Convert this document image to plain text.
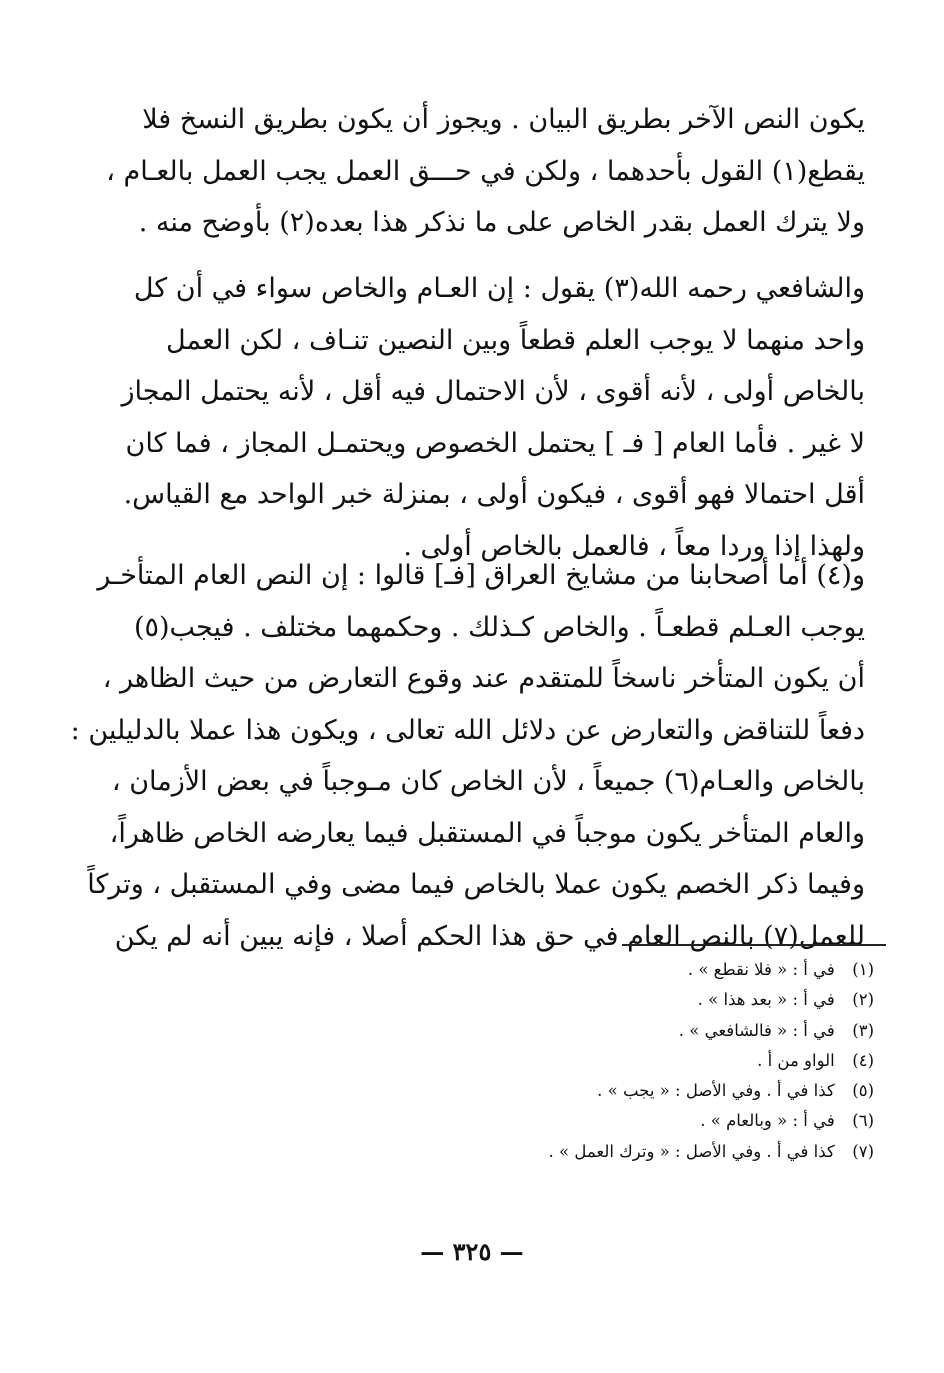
يكون النص الآخر بطريق البيان . ويجوز أن يكون بطريق النسخ فلا
يقطع(١) القول بأحدهما ، ولكن في حـــق العمل يجب العمل بالعـام ،
ولا يترك العمل بقدر الخاص على ما نذكر هذا بعده(٢) بأوضح منه .

والشافعي رحمه الله(٣) يقول : إن العـام والخاص سواء في أن كل
واحد منهما لا يوجب العلم قطعاً وبين النصين تنـاف ، لكن العمل
بالخاص أولى ، لأنه أقوى ، لأن الاحتمال فيه أقل ، لأنه يحتمل المجاز
لا غير . فأما العام [ فـ ] يحتمل الخصوص ويحتمـل المجاز ، فما كان
أقل احتمالا فهو أقوى ، فيكون أولى ، بمنزلة خبر الواحد مع القياس.
ولهذا إذا وردا معاً ، فالعمل بالخاص أولى .

و(٤) أما أصحابنا من مشايخ العراق [فـ] قالوا : إن النص العام المتأخـر
يوجب العـلم قطعـاً . والخاص كـذلك . وحكمهما مختلف . فيجب(٥)
أن يكون المتأخر ناسخاً للمتقدم عند وقوع التعارض من حيث الظاهر ،
دفعاً للتناقض والتعارض عن دلائل الله تعالى ، ويكون هذا عملا بالدليلين :
بالخاص والعـام(٦) جميعاً ، لأن الخاص كان مـوجباً في بعض الأزمان ،
والعام المتأخر يكون موجباً في المستقبل فيما يعارضه الخاص ظاهراً،
وفيما ذكر الخصم يكون عملا بالخاص فيما مضى وفي المستقبل ، وتركاً
للعمل(٧) بالنص العام في حق هذا الحكم أصلا ، فإنه يبين أنه لم يكن

(١) في أ : « فلا نقطع » .
(٢) في أ : « بعد هذا » .
(٣) في أ : « فالشافعي » .
(٤) الواو من أ .
(٥) كذا في أ . وفي الأصل : « يجب » .
(٦) في أ : « وبالعام » .
(٧) كذا في أ . وفي الأصل : « وترك العمل » .
— ٣٢٥ —
